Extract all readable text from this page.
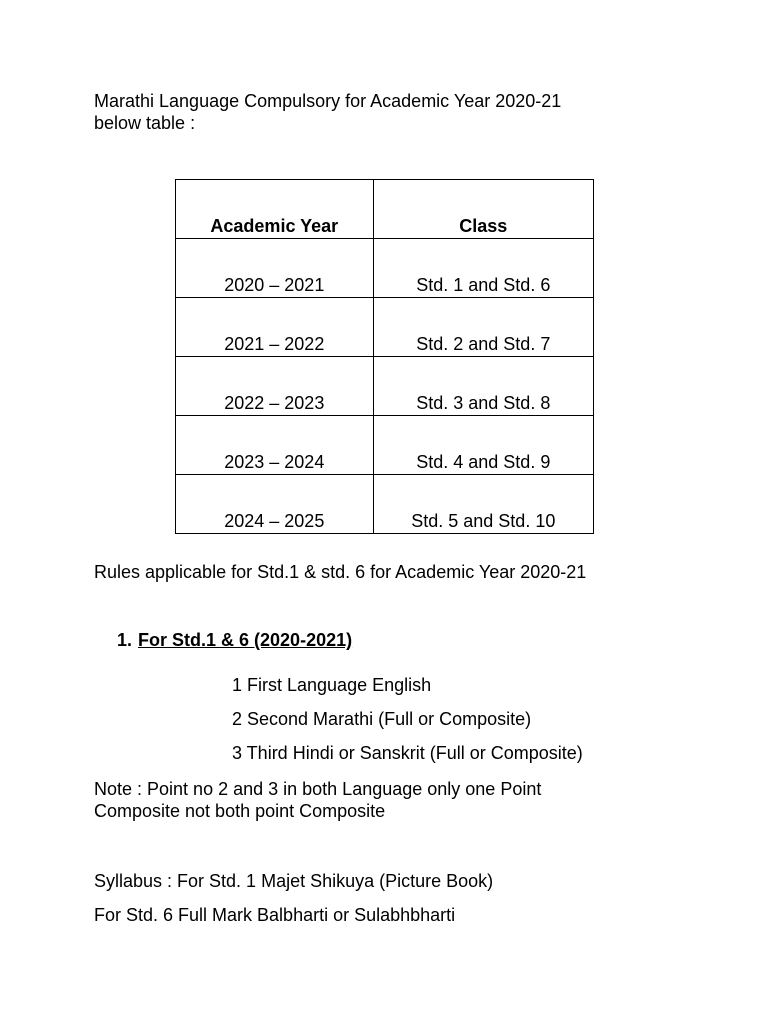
Marathi Language Compulsory for Academic Year 2020-21
below table :
Academic Year	Class
2020 – 2021	Std. 1 and Std. 6
2021 – 2022	Std. 2 and Std. 7
2022 – 2023	Std. 3 and Std. 8
2023 – 2024	Std. 4 and Std. 9
2024 – 2025	Std. 5 and Std. 10
Rules applicable for Std.1 & std. 6 for Academic Year 2020-21
1. For Std.1 & 6 (2020-2021)
1 First Language English
2 Second Marathi (Full or Composite)
3 Third Hindi or Sanskrit (Full or Composite)
Note : Point no 2 and 3 in both Language only one Point
Composite not both point Composite
Syllabus : For Std. 1 Majet Shikuya (Picture Book)
For Std. 6 Full Mark Balbharti or Sulabhbharti
